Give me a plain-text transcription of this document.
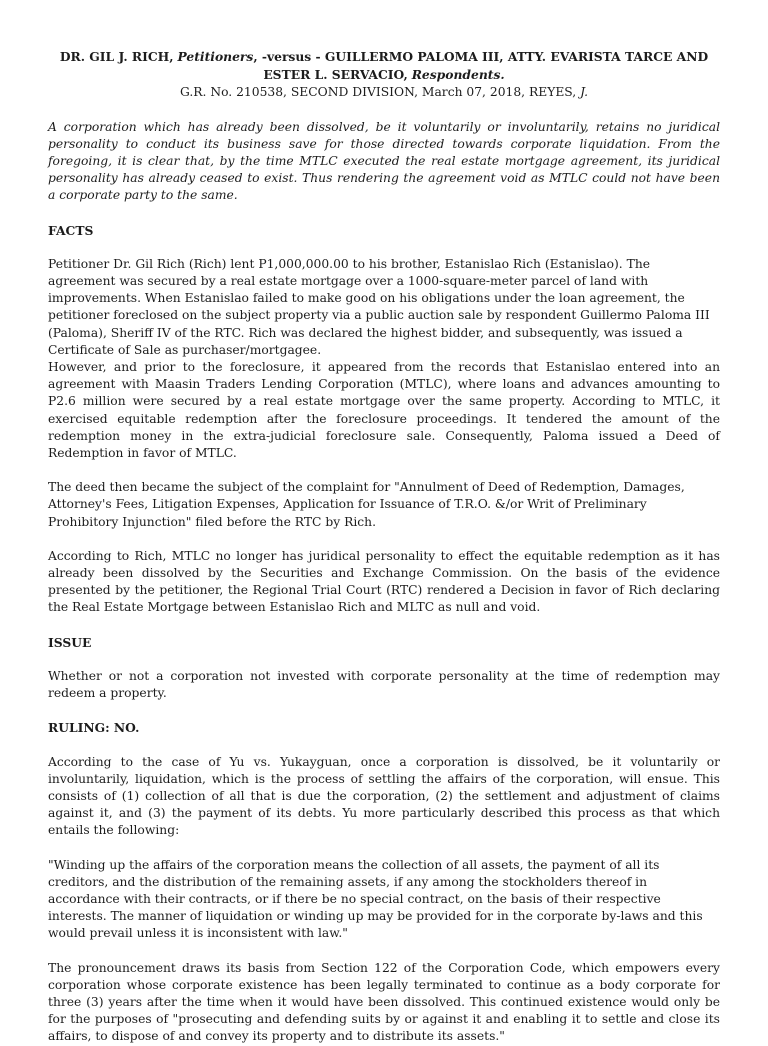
DR. GIL J. RICH, Petitioners, -versus - GUILLERMO PALOMA III, ATTY. EVARISTA TARCE AND ESTER L. SERVACIO, Respondents.
G.R. No. 210538, SECOND DIVISION, March 07, 2018, REYES, J.

A corporation which has already been dissolved, be it voluntarily or involuntarily, retains no juridical personality to conduct its business save for those directed towards corporate liquidation. From the foregoing, it is clear that, by the time MTLC executed the real estate mortgage agreement, its juridical personality has already ceased to exist. Thus rendering the agreement void as MTLC could not have been a corporate party to the same.

FACTS

Petitioner Dr. Gil Rich (Rich) lent P1,000,000.00 to his brother, Estanislao Rich (Estanislao). The agreement was secured by a real estate mortgage over a 1000-square-meter parcel of land with improvements. When Estanislao failed to make good on his obligations under the loan agreement, the petitioner foreclosed on the subject property via a public auction sale by respondent Guillermo Paloma III (Paloma), Sheriff IV of the RTC. Rich was declared the highest bidder, and subsequently, was issued a Certificate of Sale as purchaser/mortgagee.

However, and prior to the foreclosure, it appeared from the records that Estanislao entered into an agreement with Maasin Traders Lending Corporation (MTLC), where loans and advances amounting to P2.6 million were secured by a real estate mortgage over the same property. According to MTLC, it exercised equitable redemption after the foreclosure proceedings. It tendered the amount of the redemption money in the extra-judicial foreclosure sale. Consequently, Paloma issued a Deed of Redemption in favor of MTLC.

The deed then became the subject of the complaint for "Annulment of Deed of Redemption, Damages, Attorney's Fees, Litigation Expenses, Application for Issuance of T.R.O. &/or Writ of Preliminary Prohibitory Injunction" filed before the RTC by Rich.

According to Rich, MTLC no longer has juridical personality to effect the equitable redemption as it has already been dissolved by the Securities and Exchange Commission. On the basis of the evidence presented by the petitioner, the Regional Trial Court (RTC) rendered a Decision in favor of Rich declaring the Real Estate Mortgage between Estanislao Rich and MLTC as null and void.

ISSUE

Whether or not a corporation not invested with corporate personality at the time of redemption may redeem a property.

RULING: NO.

According to the case of Yu vs. Yukayguan, once a corporation is dissolved, be it voluntarily or involuntarily, liquidation, which is the process of settling the affairs of the corporation, will ensue. This consists of (1) collection of all that is due the corporation, (2) the settlement and adjustment of claims against it, and (3) the payment of its debts. Yu more particularly described this process as that which entails the following:

"Winding up the affairs of the corporation means the collection of all assets, the payment of all its creditors, and the distribution of the remaining assets, if any among the stockholders thereof in accordance with their contracts, or if there be no special contract, on the basis of their respective interests. The manner of liquidation or winding up may be provided for in the corporate by-laws and this would prevail unless it is inconsistent with law."

The pronouncement draws its basis from Section 122 of the Corporation Code, which empowers every corporation whose corporate existence has been legally terminated to continue as a body corporate for three (3) years after the time when it would have been dissolved. This continued existence would only be for the purposes of "prosecuting and defending suits by or against it and enabling it to settle and close its affairs, to dispose of and convey its property and to distribute its assets."
